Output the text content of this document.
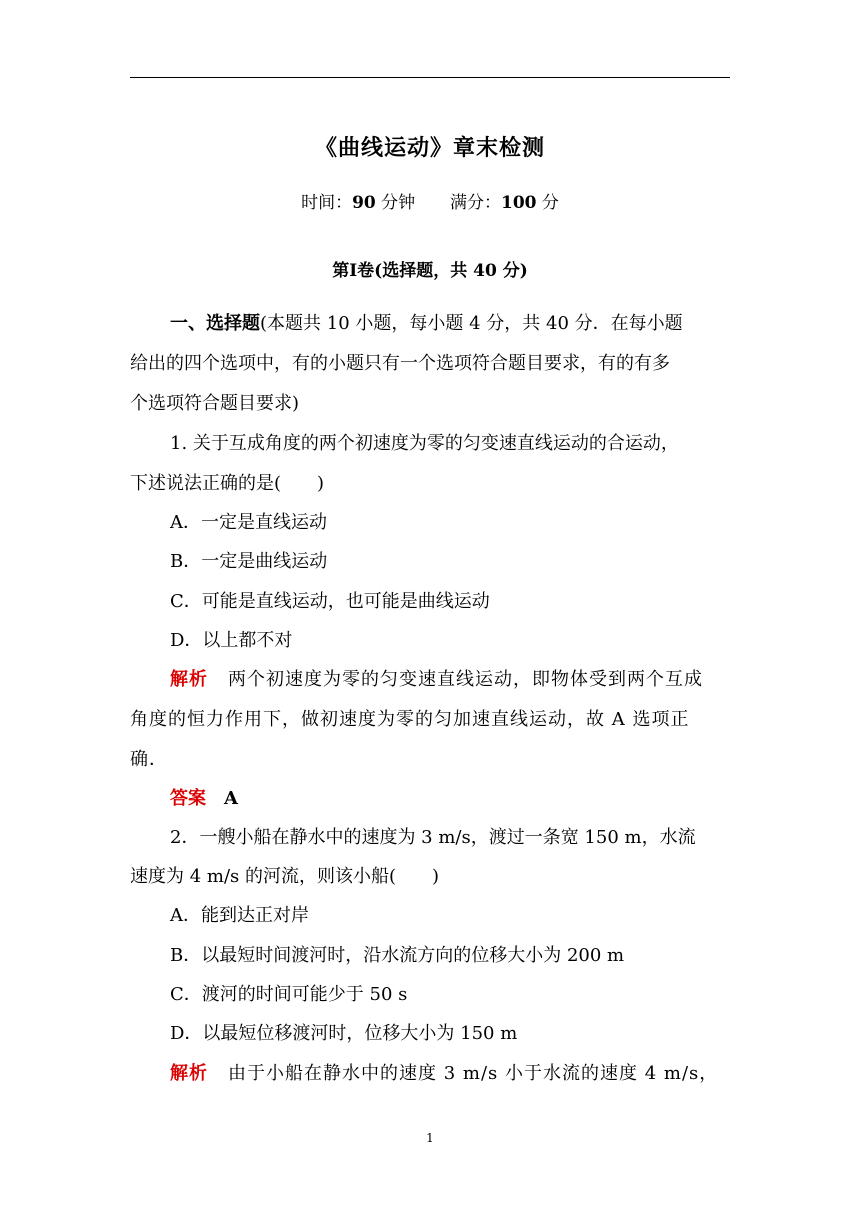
《曲线运动》章末检测
时间：90 分钟 满分：100 分
第Ⅰ卷(选择题，共 40 分)
一、选择题(本题共 10 小题，每小题 4 分，共 40 分．在每小题
给出的四个选项中，有的小题只有一个选项符合题目要求，有的有多
个选项符合题目要求)
1. 关于互成角度的两个初速度为零的匀变速直线运动的合运动，
下述说法正确的是(　　)
A．一定是直线运动
B．一定是曲线运动
C．可能是直线运动，也可能是曲线运动
D．以上都不对
解析 两个初速度为零的匀变速直线运动，即物体受到两个互成
角度的恒力作用下，做初速度为零的匀加速直线运动，故 A 选项正
确．
答案 A
2．一艘小船在静水中的速度为 3 m/s，渡过一条宽 150 m，水流
速度为 4 m/s 的河流，则该小船(　　)
A．能到达正对岸
B．以最短时间渡河时，沿水流方向的位移大小为 200 m
C．渡河的时间可能少于 50 s
D．以最短位移渡河时，位移大小为 150 m
解析 由于小船在静水中的速度 3 m/s 小于水流的速度 4 m/s，
1
